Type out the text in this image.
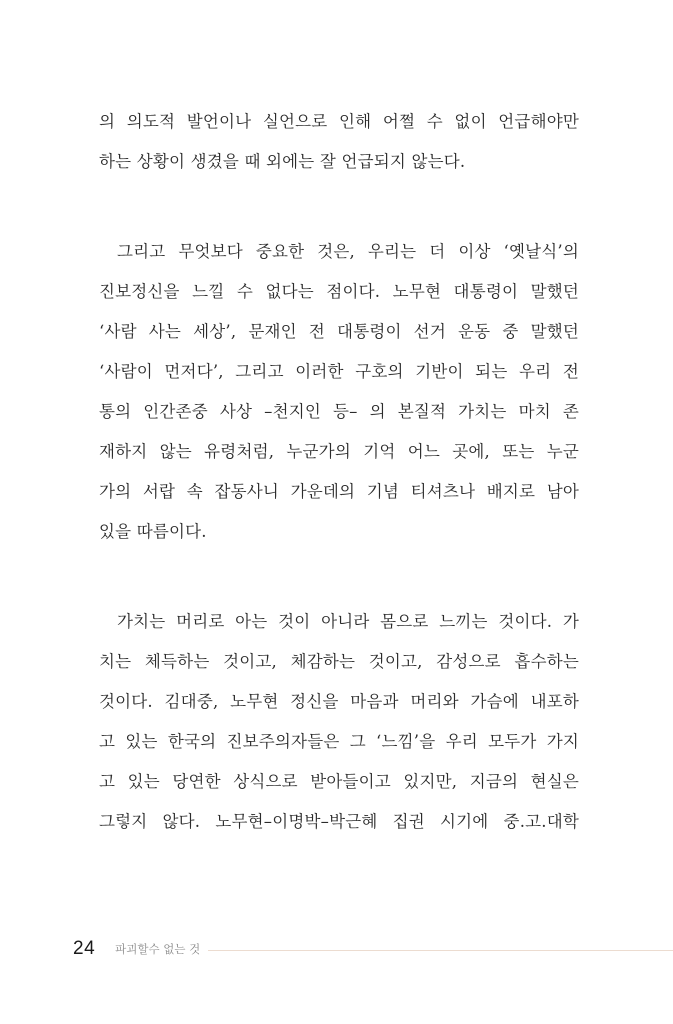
의 의도적 발언이나 실언으로 인해 어쩔 수 없이 언급해야만
하는 상황이 생겼을 때 외에는 잘 언급되지 않는다.

그리고 무엇보다 중요한 것은, 우리는 더 이상 ‘옛날식’의
진보정신을 느낄 수 없다는 점이다. 노무현 대통령이 말했던
‘사람 사는 세상’, 문재인 전 대통령이 선거 운동 중 말했던
‘사람이 먼저다’, 그리고 이러한 구호의 기반이 되는 우리 전
통의 인간존중 사상 –천지인 등– 의 본질적 가치는 마치 존
재하지 않는 유령처럼, 누군가의 기억 어느 곳에, 또는 누군
가의 서랍 속 잡동사니 가운데의 기념 티셔츠나 배지로 남아
있을 따름이다.

가치는 머리로 아는 것이 아니라 몸으로 느끼는 것이다. 가
치는 체득하는 것이고, 체감하는 것이고, 감성으로 흡수하는
것이다. 김대중, 노무현 정신을 마음과 머리와 가슴에 내포하
고 있는 한국의 진보주의자들은 그 ‘느낌’을 우리 모두가 가지
고 있는 당연한 상식으로 받아들이고 있지만, 지금의 현실은
그렇지 않다. 노무현–이명박–박근혜 집권 시기에 중.고.대학

24 파괴할수 없는 것
